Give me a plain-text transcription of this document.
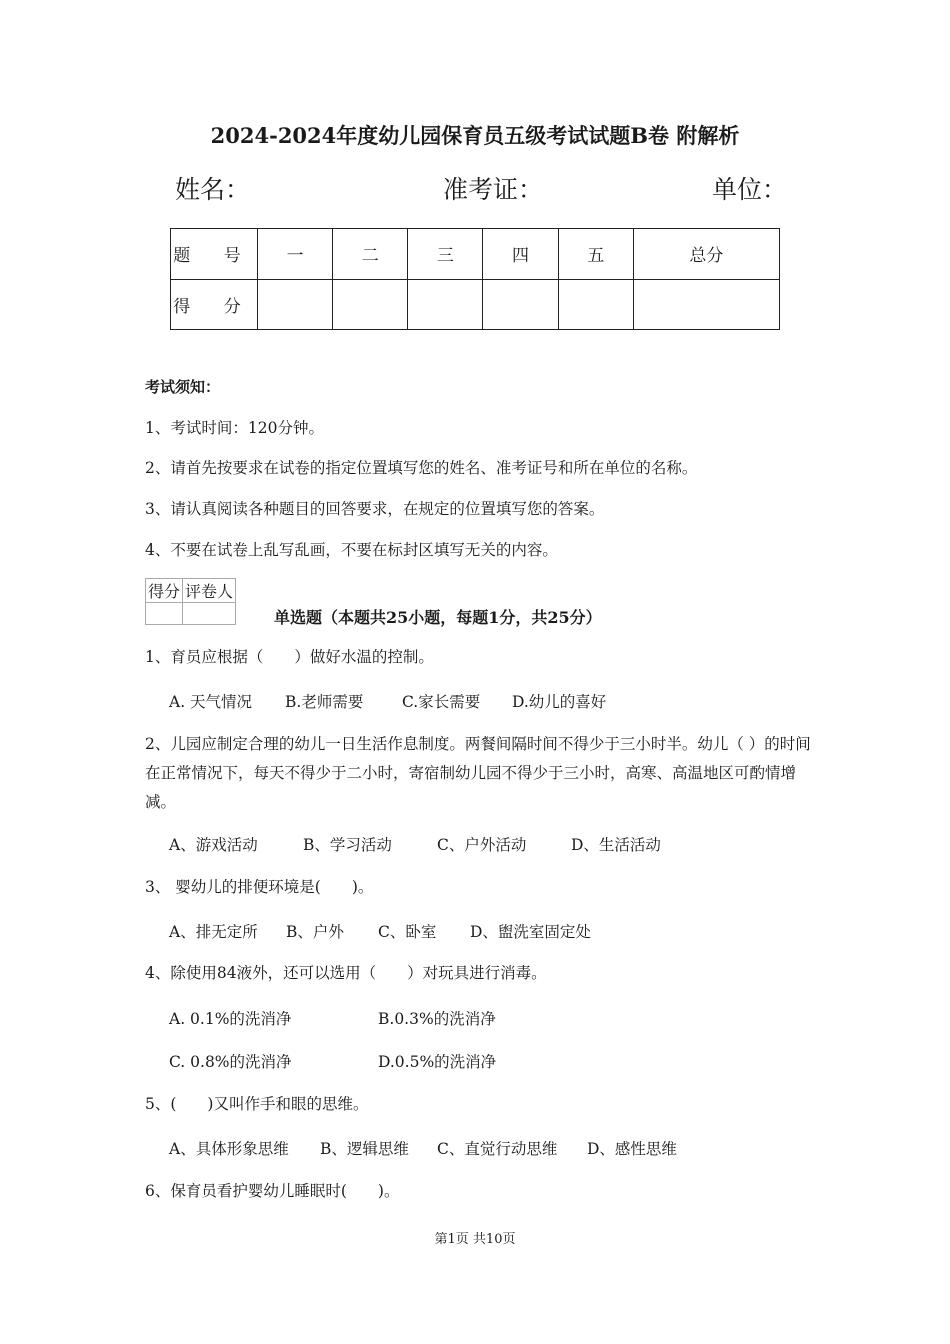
2024-2024年度幼儿园保育员五级考试试题B卷 附解析
姓名：	准考证：	单位：
题 号	一	二	三	四	五	总分
得 分						
考试须知：
1、考试时间：120分钟。
2、请首先按要求在试卷的指定位置填写您的姓名、准考证号和所在单位的名称。
3、请认真阅读各种题目的回答要求，在规定的位置填写您的答案。
4、不要在试卷上乱写乱画，不要在标封区填写无关的内容。
得分	评卷人

单选题（本题共25小题，每题1分，共25分）
1、育员应根据（　　）做好水温的控制。
A. 天气情况 B.老师需要 C.家长需要 D.幼儿的喜好
2、儿园应制定合理的幼儿一日生活作息制度。两餐间隔时间不得少于三小时半。幼儿（ ）的时间在正常情况下，每天不得少于二小时，寄宿制幼儿园不得少于三小时，高寒、高温地区可酌情增减。
A、游戏活动	B、学习活动	C、户外活动	D、生活活动
3、 婴幼儿的排便环境是(　　)。
A、排无定所 B、户外 C、卧室 D、盥洗室固定处
4、除使用84液外，还可以选用（　　）对玩具进行消毒。
A. 0.1%的洗消净	B.0.3%的洗消净
C. 0.8%的洗消净	D.0.5%的洗消净
5、(　　)又叫作手和眼的思维。
A、具体形象思维 B、逻辑思维 C、直觉行动思维 D、感性思维
6、保育员看护婴幼儿睡眠时(　　)。
第1页 共10页
